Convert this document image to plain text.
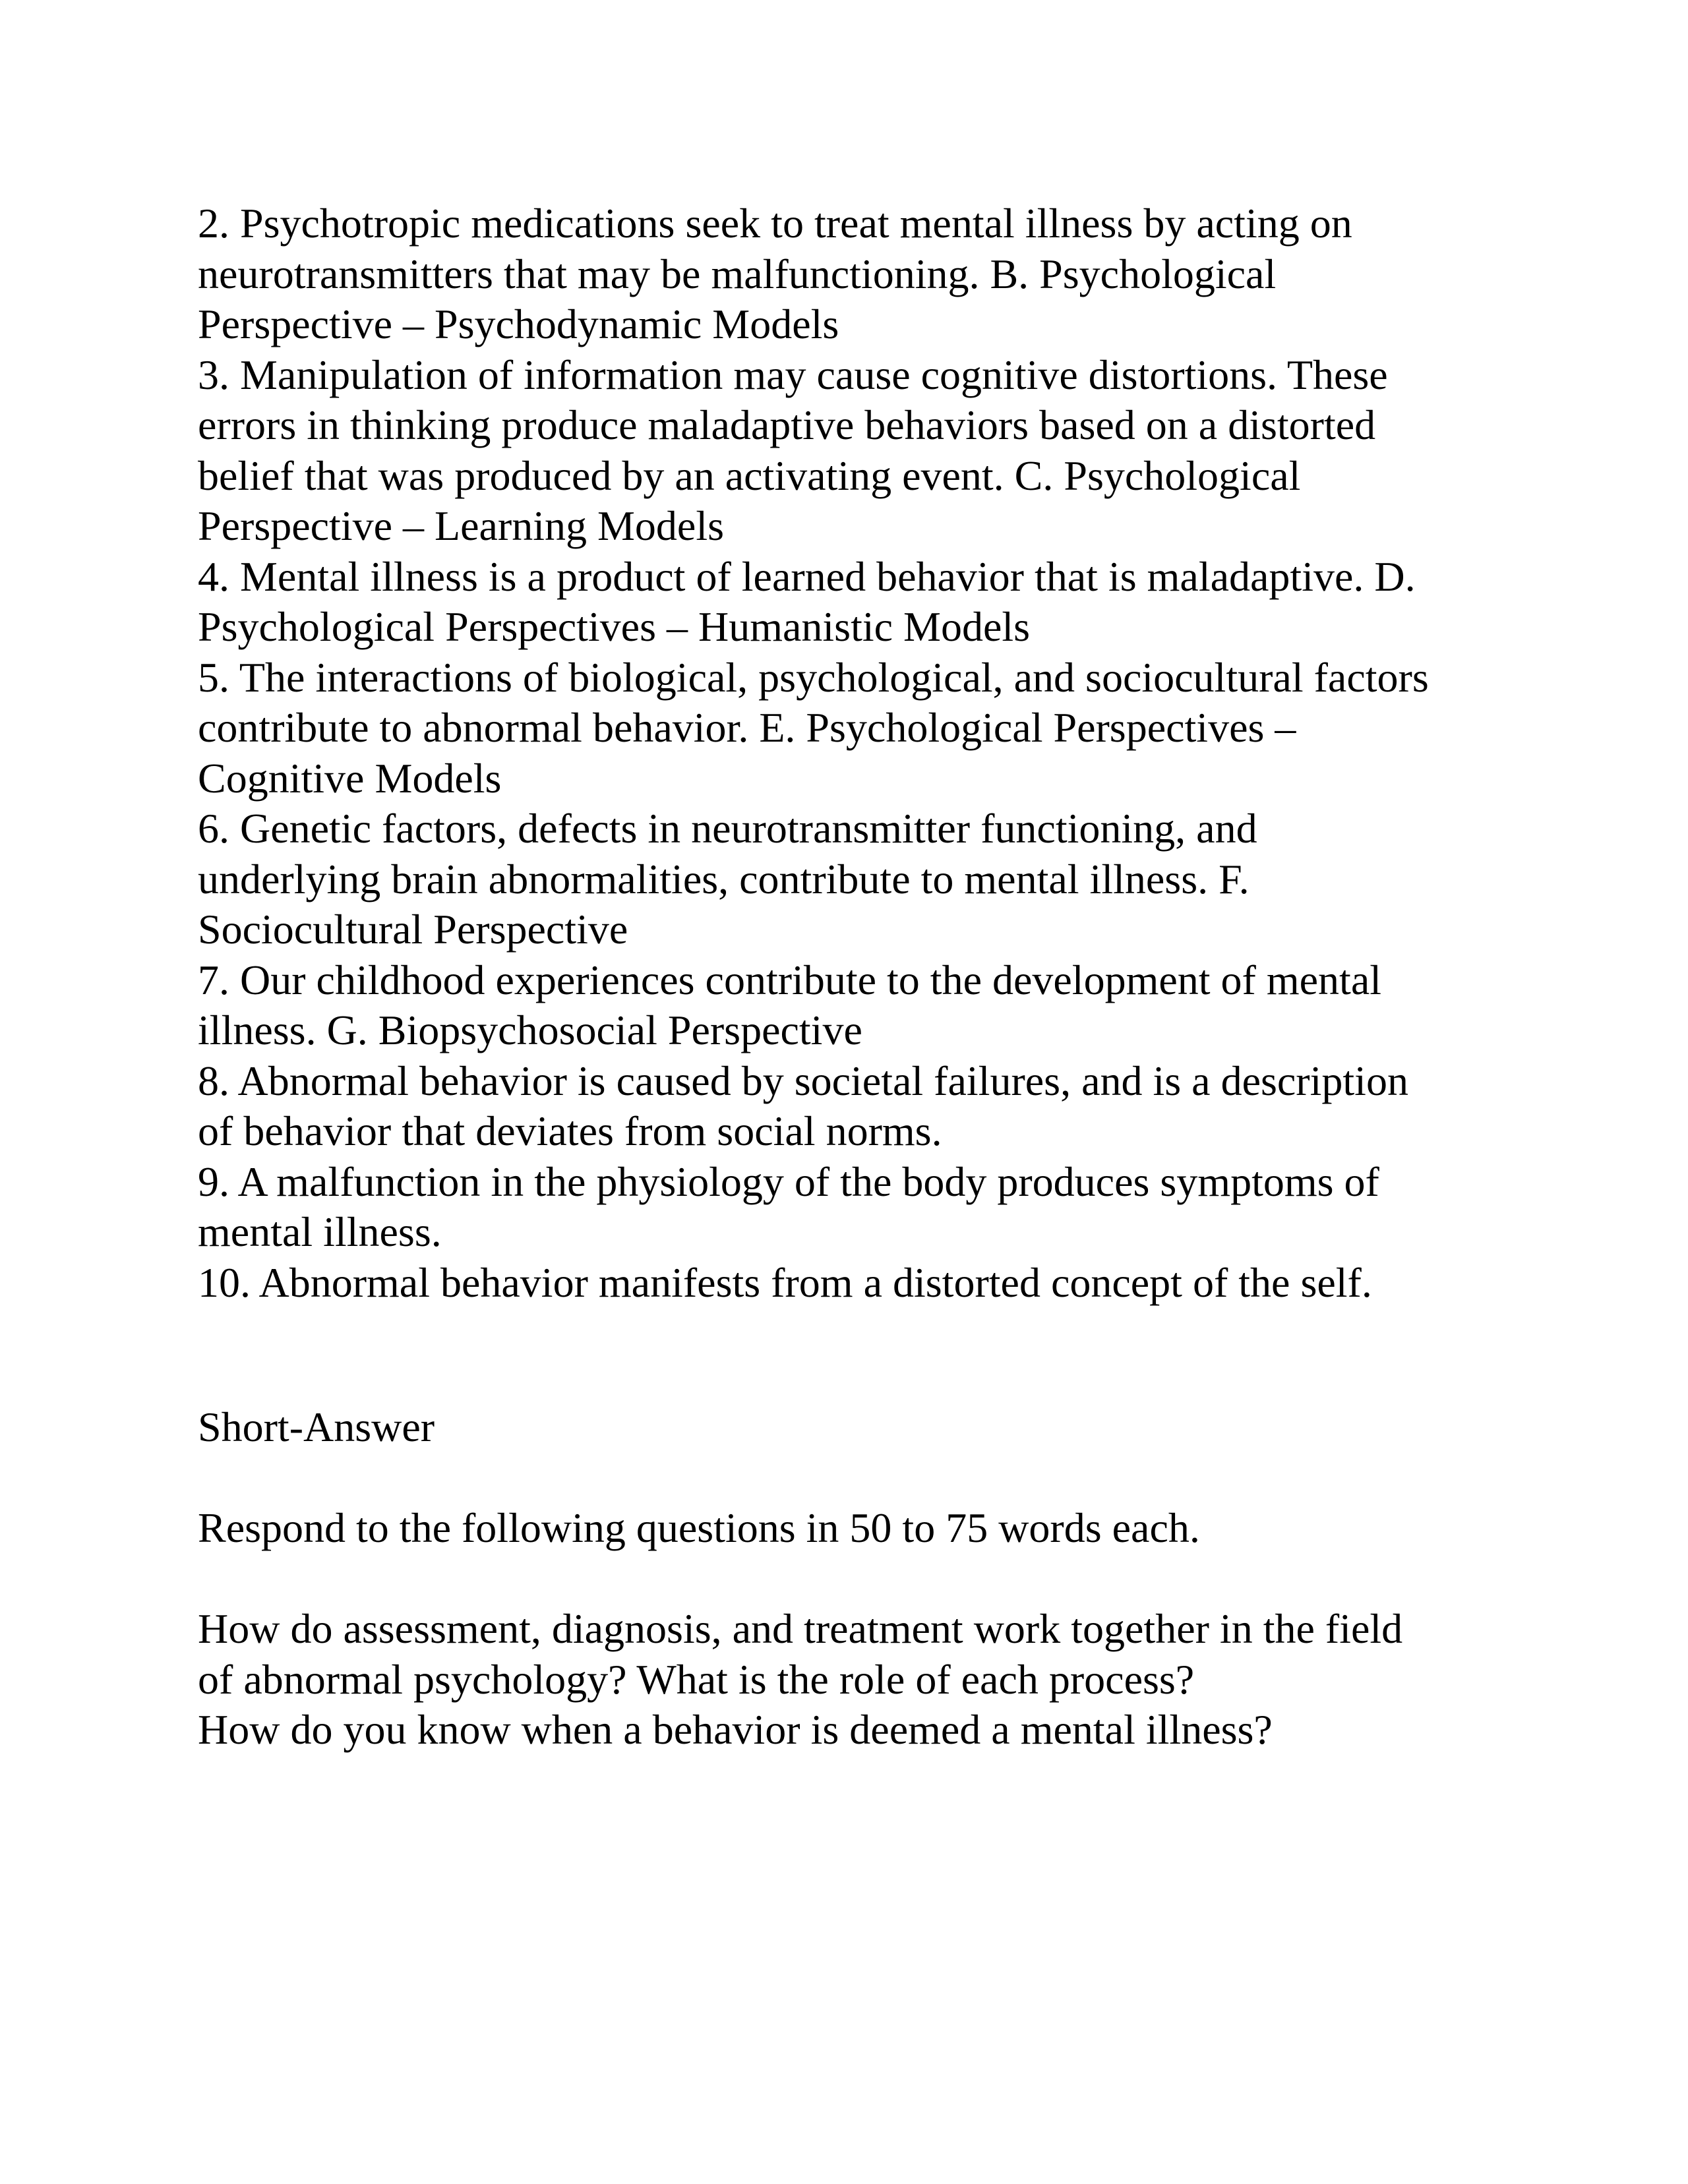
2. Psychotropic medications seek to treat mental illness by acting on

neurotransmitters that may be malfunctioning. B. Psychological

Perspective – Psychodynamic Models

3. Manipulation of information may cause cognitive distortions. These

errors in thinking produce maladaptive behaviors based on a distorted

belief that was produced by an activating event. C. Psychological

Perspective – Learning Models

4. Mental illness is a product of learned behavior that is maladaptive. D.

Psychological Perspectives – Humanistic Models

5. The interactions of biological, psychological, and sociocultural factors

contribute to abnormal behavior. E. Psychological Perspectives –

Cognitive Models

6. Genetic factors, defects in neurotransmitter functioning, and

underlying brain abnormalities, contribute to mental illness. F.

Sociocultural Perspective

7. Our childhood experiences contribute to the development of mental

illness. G. Biopsychosocial Perspective

8. Abnormal behavior is caused by societal failures, and is a description

of behavior that deviates from social norms.

9. A malfunction in the physiology of the body produces symptoms of

mental illness.

10. Abnormal behavior manifests from a distorted concept of the self.

Short-Answer

Respond to the following questions in 50 to 75 words each.

How do assessment, diagnosis, and treatment work together in the field

of abnormal psychology? What is the role of each process?

How do you know when a behavior is deemed a mental illness?
